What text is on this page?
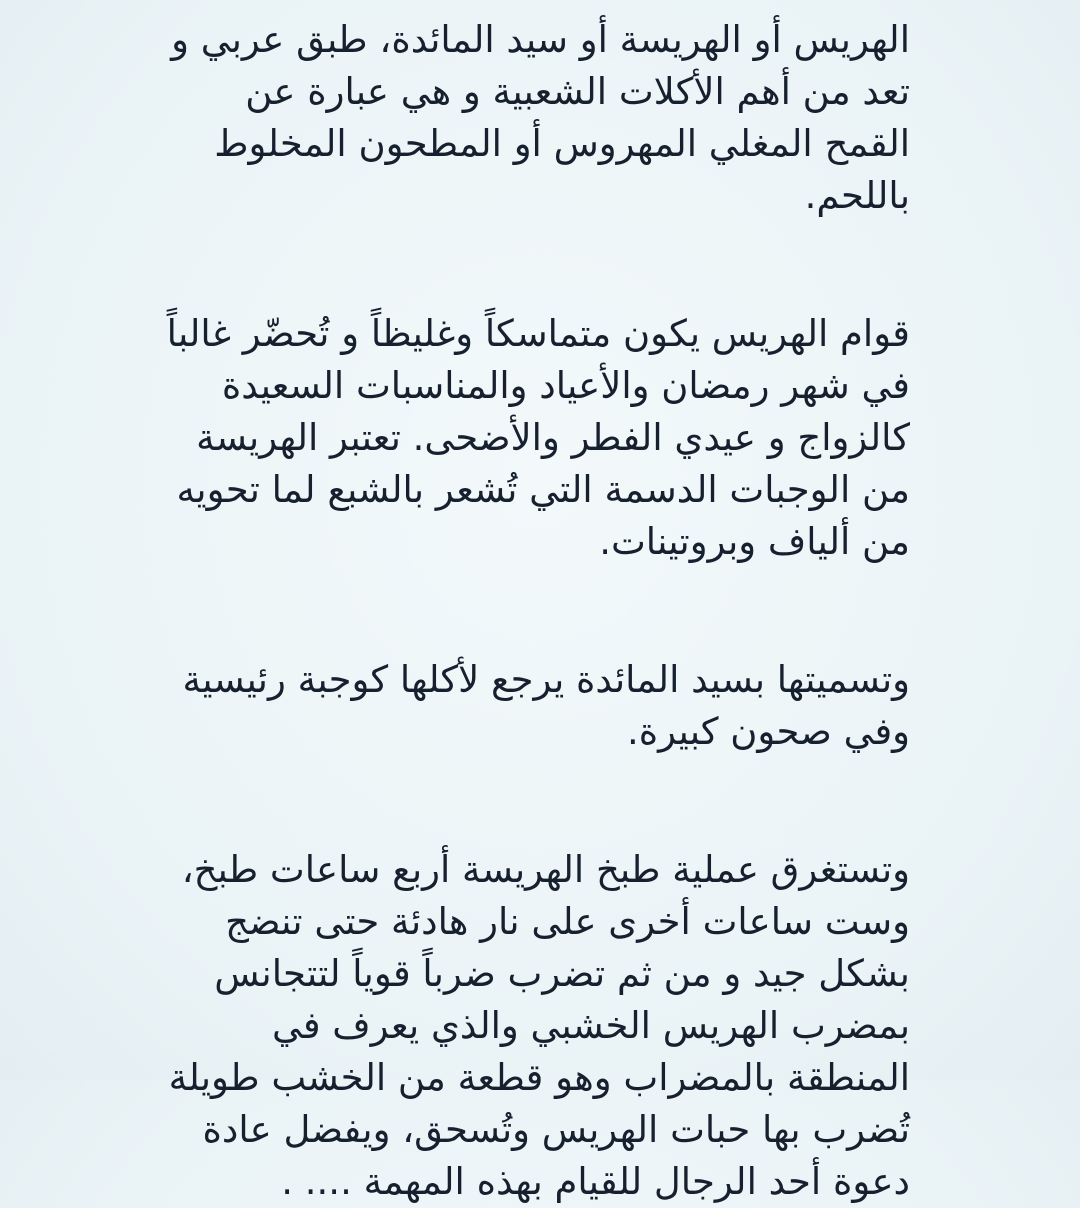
الهريس أو الهريسة أو سيد المائدة، طبق عربي و
تعد من أهم الأكلات الشعبية و هي عبارة عن
القمح المغلي المهروس أو المطحون المخلوط
باللحم.

قوام الهريس يكون متماسكاً وغليظاً و تُحضّر غالباً
في شهر رمضان والأعياد والمناسبات السعيدة
كالزواج و عيدي الفطر والأضحى. تعتبر الهريسة
من الوجبات الدسمة التي تُشعر بالشبع لما تحويه
من ألياف وبروتينات.

وتسميتها بسيد المائدة يرجع لأكلها كوجبة رئيسية
وفي صحون كبيرة.

وتستغرق عملية طبخ الهريسة أربع ساعات طبخ،
وست ساعات أخرى على نار هادئة حتى تنضج
بشكل جيد و من ثم تضرب ضرباً قوياً لتتجانس
بمضرب الهريس الخشبي والذي يعرف في
المنطقة بالمضراب وهو قطعة من الخشب طويلة
تُضرب بها حبات الهريس وتُسحق، ويفضل عادة
دعوة أحد الرجال للقيام بهذه المهمة .... .
